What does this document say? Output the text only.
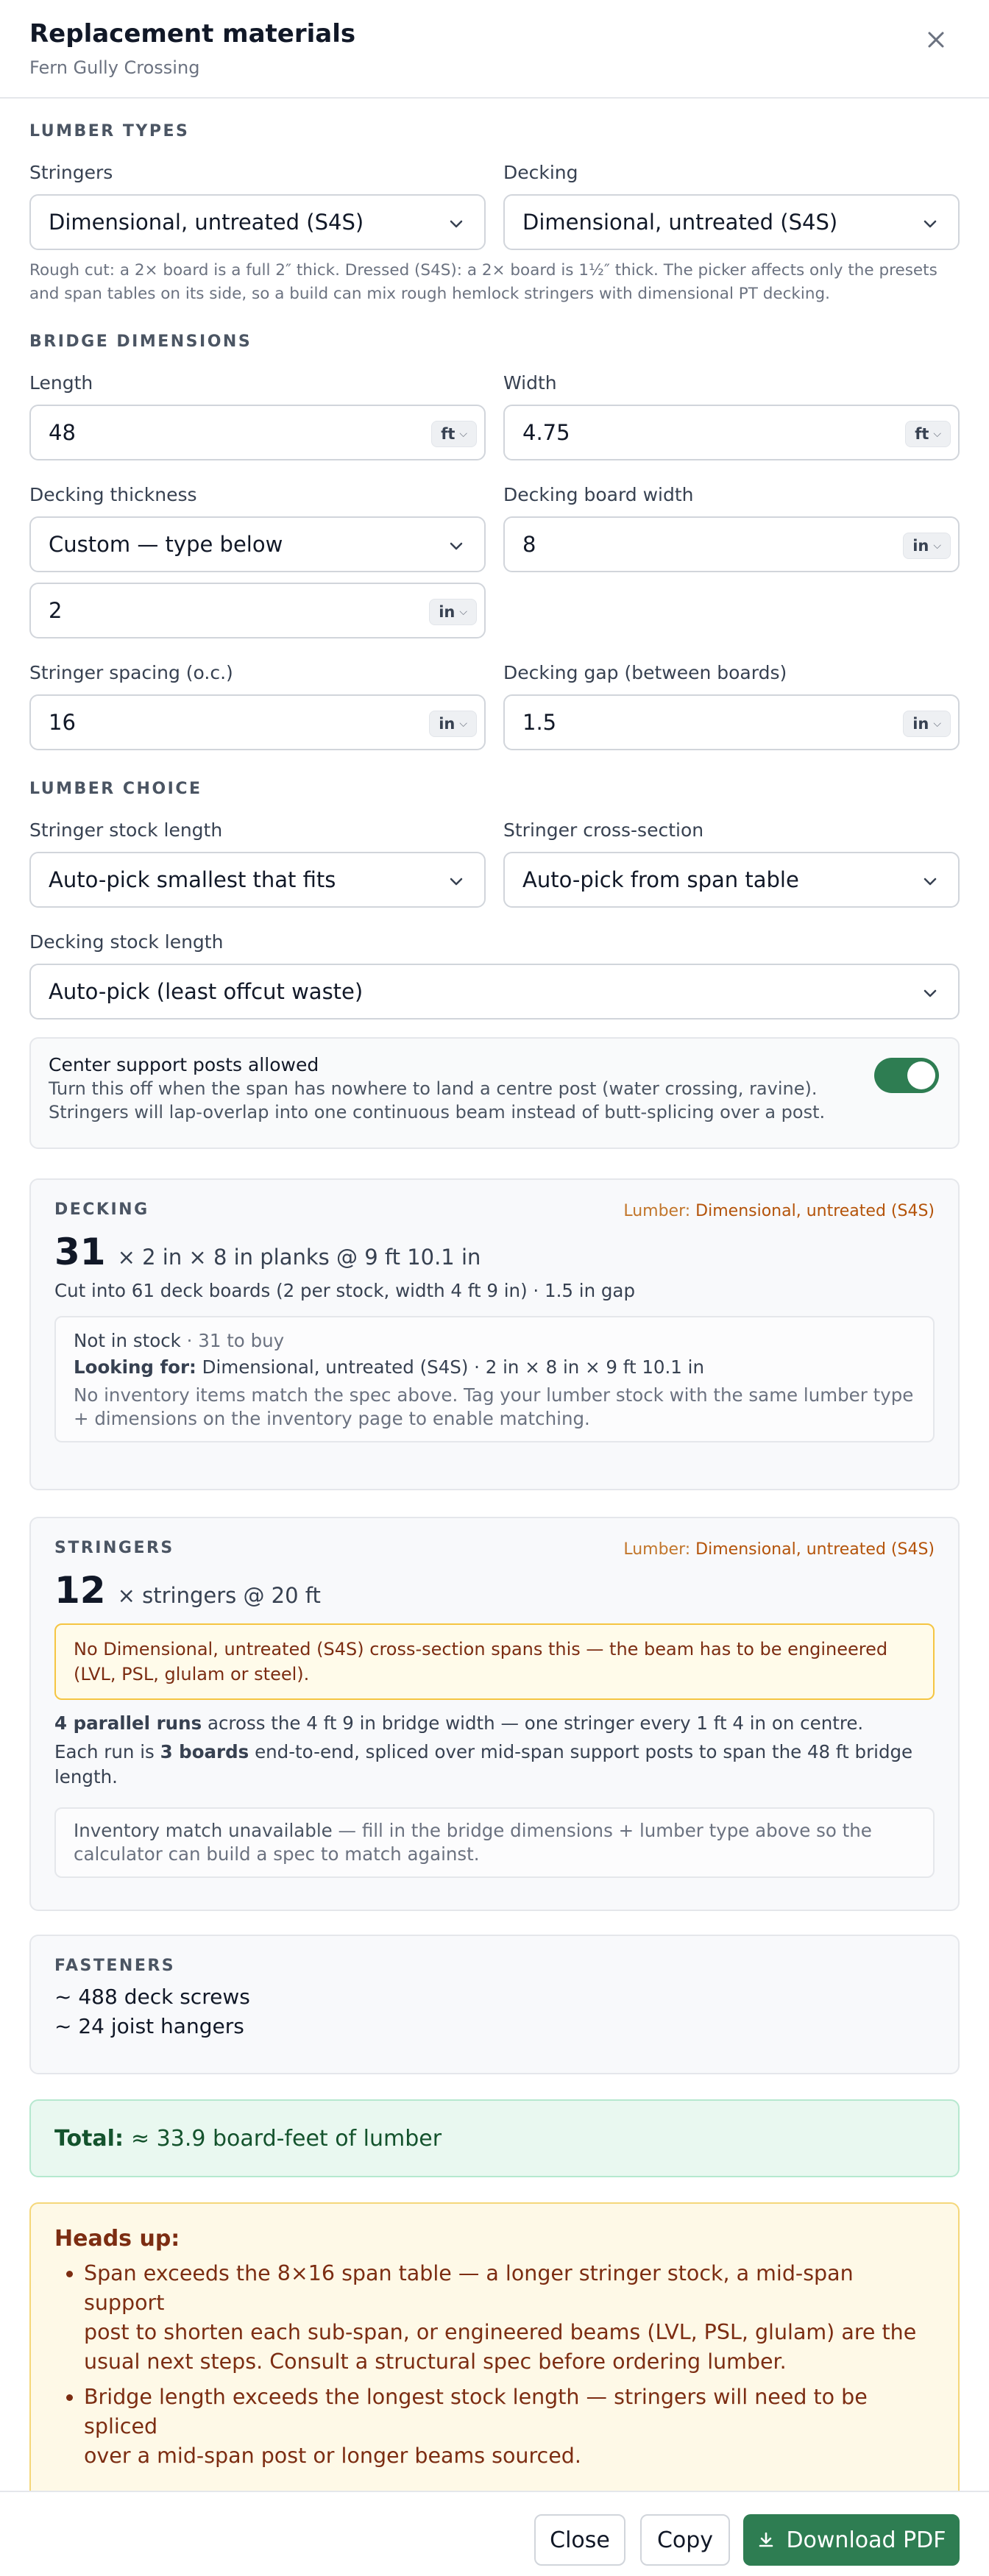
Replacement materials
Fern Gully Crossing
LUMBER TYPES
Stringers
Dimensional, untreated (S4S)
Decking
Dimensional, untreated (S4S)
Rough cut: a 2× board is a full 2″ thick. Dressed (S4S): a 2× board is 1½″ thick. The picker affects only the presets
and span tables on its side, so a build can mix rough hemlock stringers with dimensional PT decking.
BRIDGE DIMENSIONS
Length
48	ft ⌵
Width
4.75	ft ⌵
Decking thickness
Custom — type below
2	in ⌵
Decking board width
8	in ⌵
Stringer spacing (o.c.)
16	in ⌵
Decking gap (between boards)
1.5	in ⌵
LUMBER CHOICE
Stringer stock length
Auto-pick smallest that fits
Stringer cross-section
Auto-pick from span table
Decking stock length
Auto-pick (least offcut waste)
Center support posts allowed
Turn this off when the span has nowhere to land a centre post (water crossing, ravine).
Stringers will lap-overlap into one continuous beam instead of butt-splicing over a post.
DECKING	Lumber: Dimensional, untreated (S4S)
31 × 2 in × 8 in planks @ 9 ft 10.1 in
Cut into 61 deck boards (2 per stock, width 4 ft 9 in) · 1.5 in gap
Not in stock · 31 to buy
Looking for: Dimensional, untreated (S4S) · 2 in × 8 in × 9 ft 10.1 in
No inventory items match the spec above. Tag your lumber stock with the same lumber type
+ dimensions on the inventory page to enable matching.
STRINGERS	Lumber: Dimensional, untreated (S4S)
12 × stringers @ 20 ft
No Dimensional, untreated (S4S) cross-section spans this — the beam has to be engineered
(LVL, PSL, glulam or steel).
4 parallel runs across the 4 ft 9 in bridge width — one stringer every 1 ft 4 in on centre.
Each run is 3 boards end-to-end, spliced over mid-span support posts to span the 48 ft bridge
length.
Inventory match unavailable — fill in the bridge dimensions + lumber type above so the
calculator can build a spec to match against.
FASTENERS
~ 488 deck screws
~ 24 joist hangers
Total: ≈ 33.9 board-feet of lumber
Heads up:
• Span exceeds the 8×16 span table — a longer stringer stock, a mid-span support
post to shorten each sub-span, or engineered beams (LVL, PSL, glulam) are the
usual next steps. Consult a structural spec before ordering lumber.
• Bridge length exceeds the longest stock length — stringers will need to be spliced
over a mid-span post or longer beams sourced.
Close	Copy	Download PDF
